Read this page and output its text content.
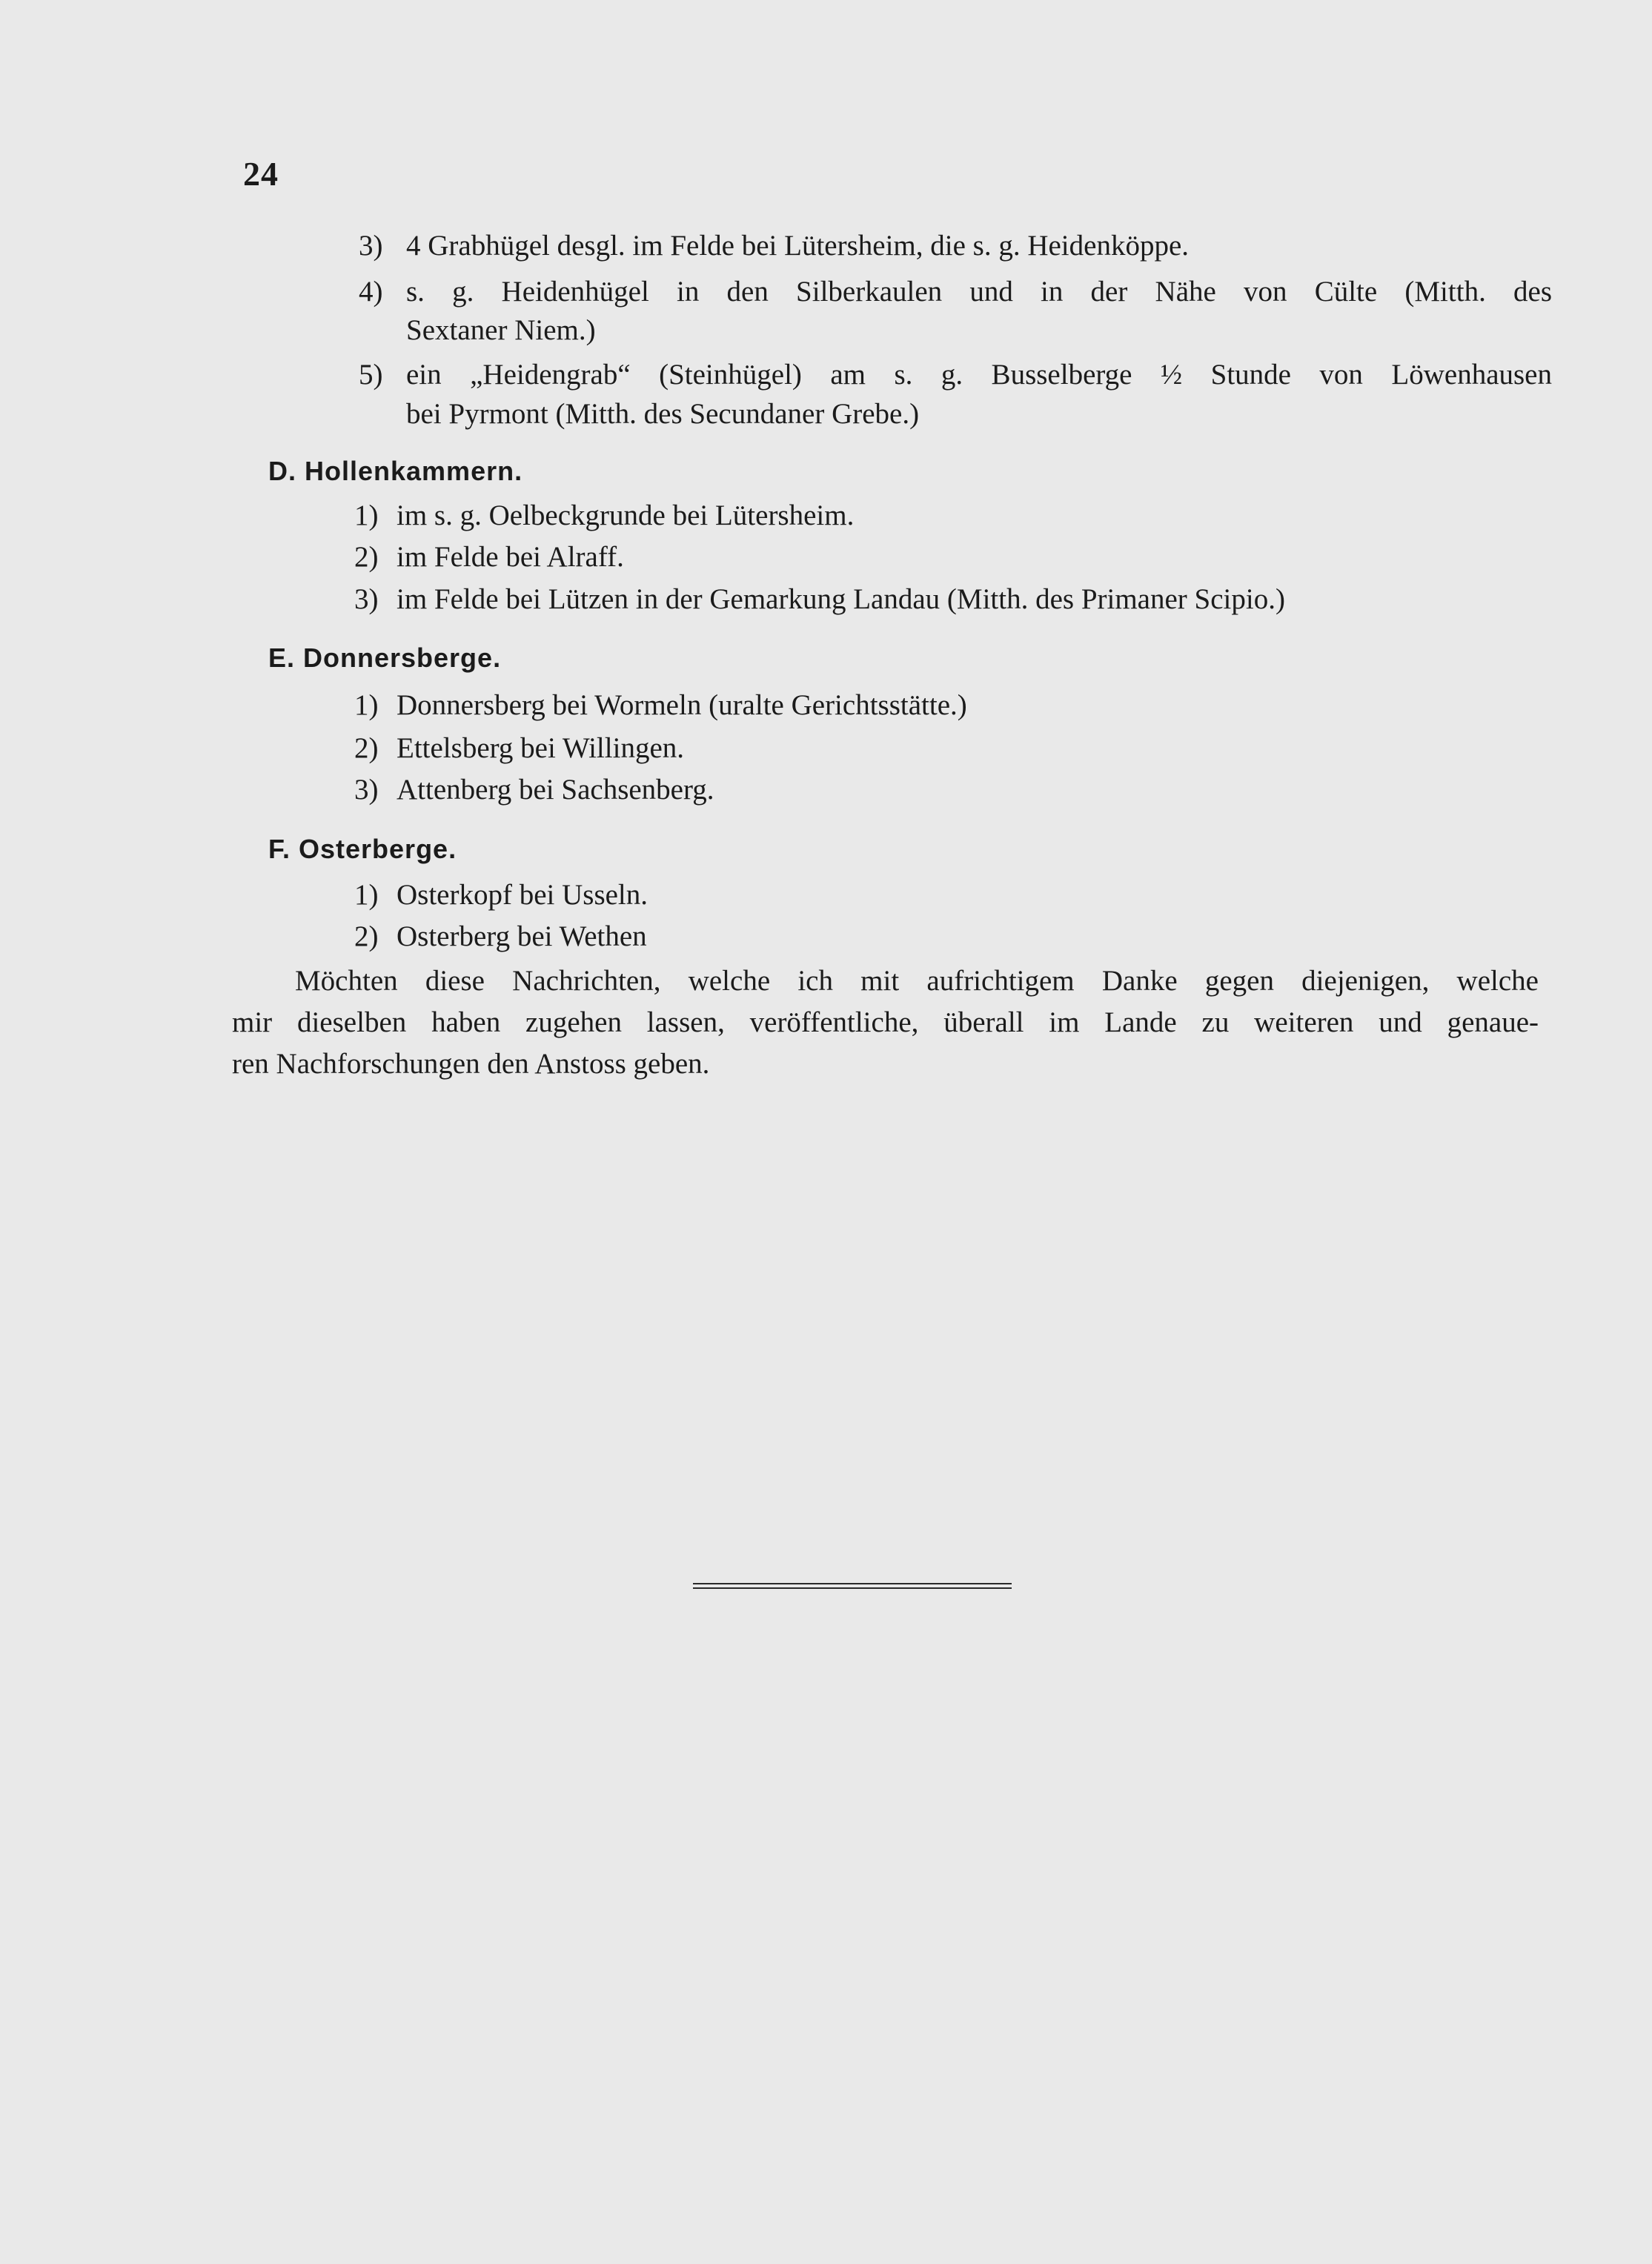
24
3) 4 Grabhügel desgl. im Felde bei Lütersheim, die s. g. Heidenköppe.
4) s. g. Heidenhügel in den Silberkaulen und in der Nähe von Cülte (Mitth. des
Sextaner Niem.)
5) ein „Heidengrab“ (Steinhügel) am s. g. Busselberge ½ Stunde von Löwenhausen
bei Pyrmont (Mitth. des Secundaner Grebe.)
D. Hollenkammern.
1) im s. g. Oelbeckgrunde bei Lütersheim.
2) im Felde bei Alraff.
3) im Felde bei Lützen in der Gemarkung Landau (Mitth. des Primaner Scipio.)
E. Donnersberge.
1) Donnersberg bei Wormeln (uralte Gerichtsstätte.)
2) Ettelsberg bei Willingen.
3) Attenberg bei Sachsenberg.
F. Osterberge.
1) Osterkopf bei Usseln.
2) Osterberg bei Wethen
Möchten diese Nachrichten, welche ich mit aufrichtigem Danke gegen diejenigen, welche
mir dieselben haben zugehen lassen, veröffentliche, überall im Lande zu weiteren und genaue-
ren Nachforschungen den Anstoss geben.
